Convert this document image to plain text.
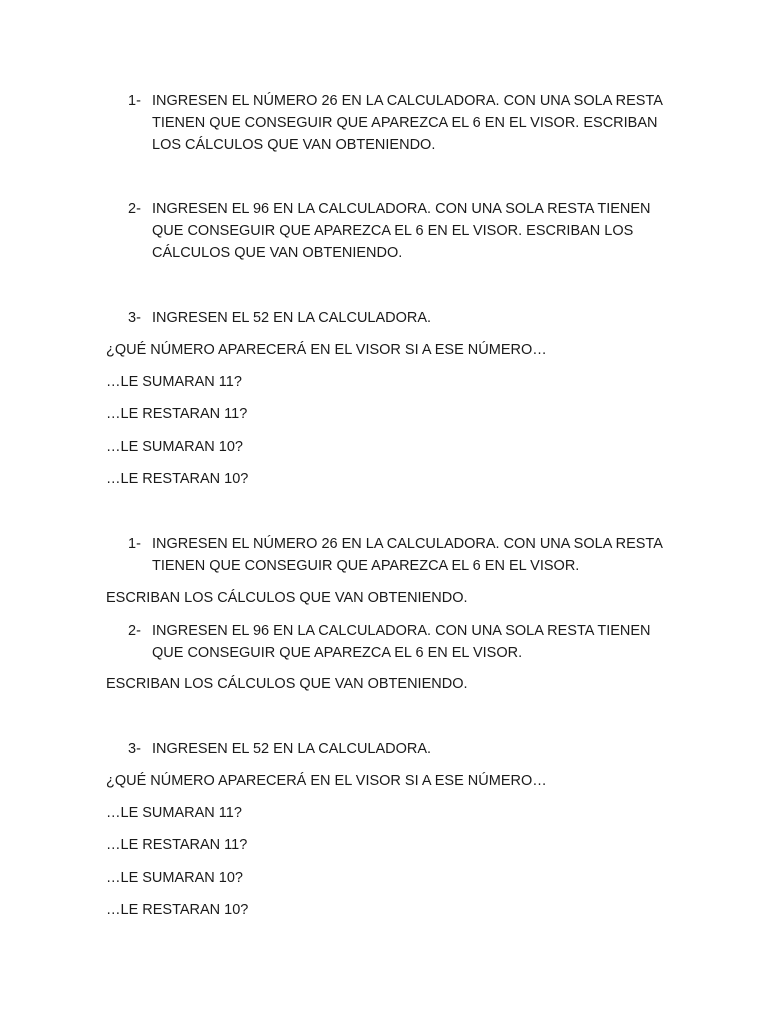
1- INGRESEN EL NÚMERO 26 EN LA CALCULADORA. CON UNA SOLA RESTA TIENEN QUE CONSEGUIR QUE APAREZCA EL 6 EN EL VISOR. ESCRIBAN LOS CÁLCULOS QUE VAN OBTENIENDO.
2- INGRESEN EL 96 EN LA CALCULADORA. CON UNA SOLA RESTA TIENEN QUE CONSEGUIR QUE APAREZCA EL 6 EN EL VISOR. ESCRIBAN LOS CÁLCULOS QUE VAN OBTENIENDO.
3- INGRESEN EL 52 EN LA CALCULADORA.
¿QUÉ NÚMERO APARECERÁ EN EL VISOR SI A ESE NÚMERO…
…LE SUMARAN 11?
…LE RESTARAN 11?
…LE SUMARAN 10?
…LE RESTARAN 10?
1- INGRESEN EL NÚMERO 26 EN LA CALCULADORA. CON UNA SOLA RESTA TIENEN QUE CONSEGUIR QUE APAREZCA EL 6 EN EL VISOR.
ESCRIBAN LOS CÁLCULOS QUE VAN OBTENIENDO.
2- INGRESEN EL 96 EN LA CALCULADORA. CON UNA SOLA RESTA TIENEN QUE CONSEGUIR QUE APAREZCA EL 6 EN EL VISOR.
ESCRIBAN LOS CÁLCULOS QUE VAN OBTENIENDO.
3- INGRESEN EL 52 EN LA CALCULADORA.
¿QUÉ NÚMERO APARECERÁ EN EL VISOR SI A ESE NÚMERO…
…LE SUMARAN 11?
…LE RESTARAN 11?
…LE SUMARAN 10?
…LE RESTARAN 10?
